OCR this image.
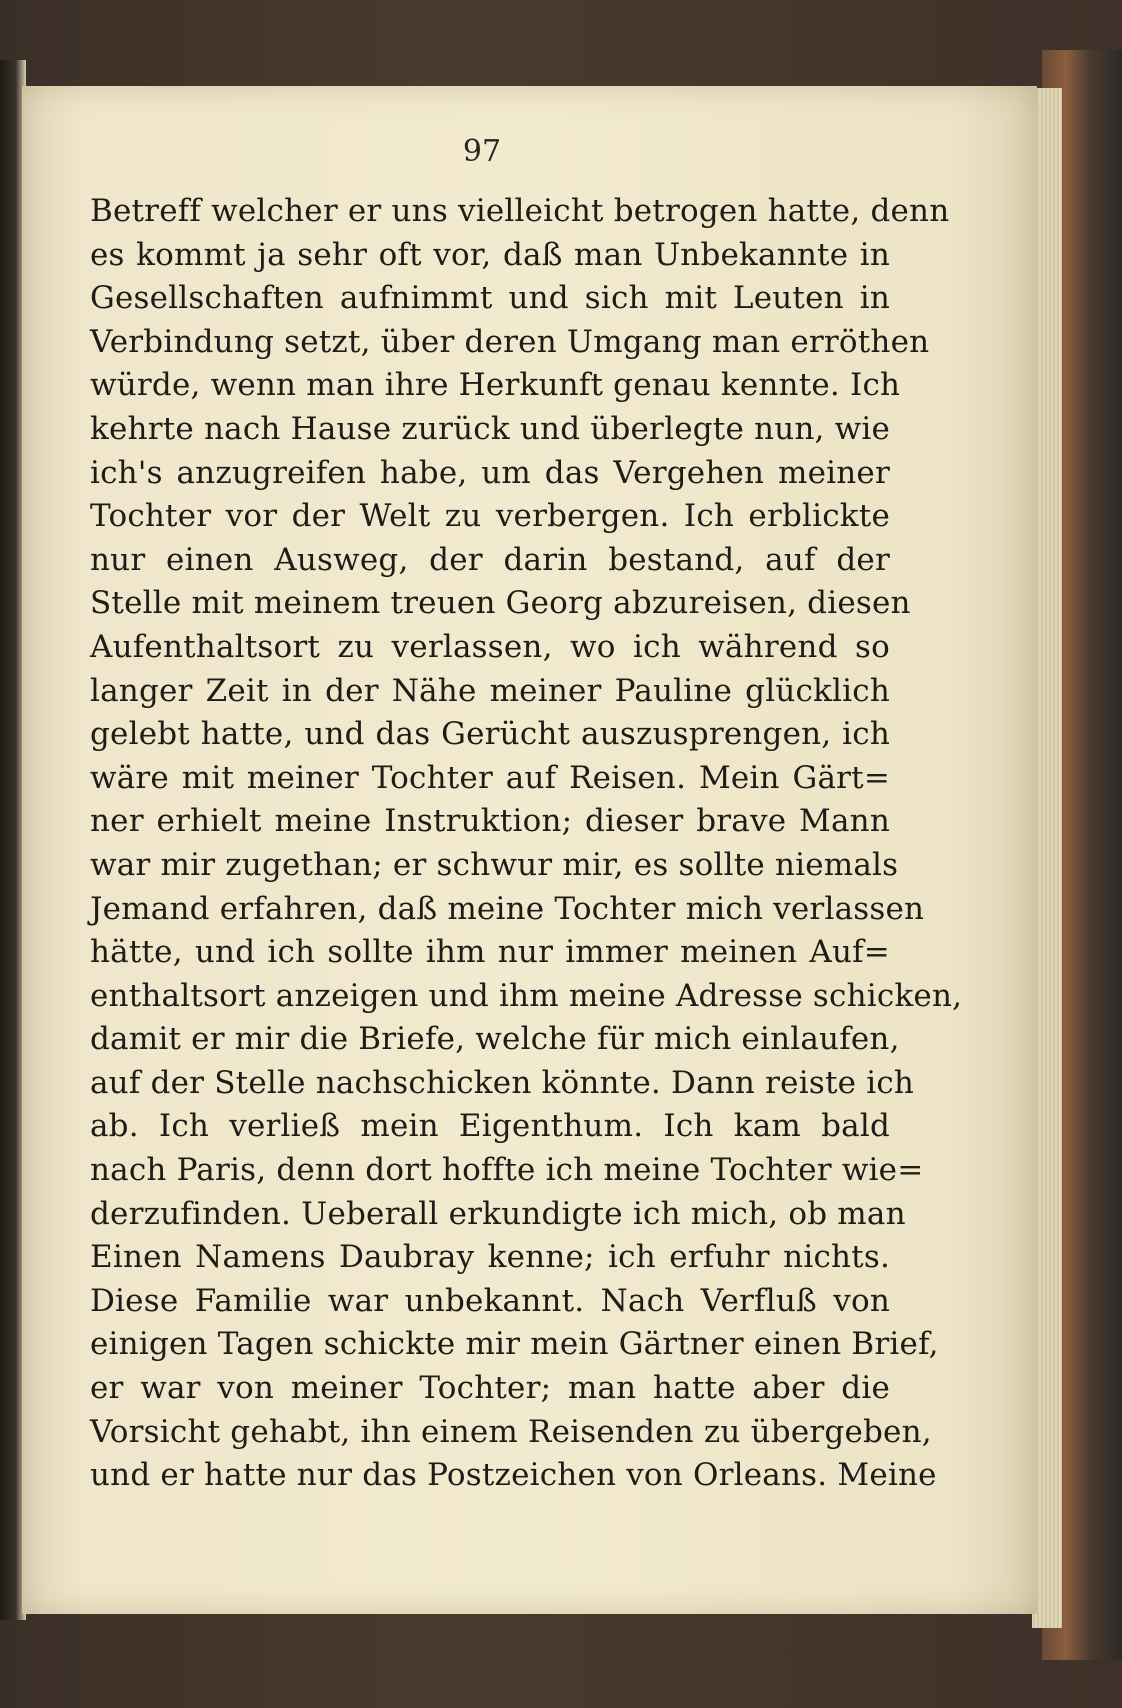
97
Betreff welcher er uns vielleicht betrogen hatte, denn
es kommt ja sehr oft vor, daß man Unbekannte in
Gesellschaften aufnimmt und sich mit Leuten in
Verbindung setzt, über deren Umgang man erröthen
würde, wenn man ihre Herkunft genau kennte. Ich
kehrte nach Hause zurück und überlegte nun, wie
ich's anzugreifen habe, um das Vergehen meiner
Tochter vor der Welt zu verbergen. Ich erblickte
nur einen Ausweg, der darin bestand, auf der
Stelle mit meinem treuen Georg abzureisen, diesen
Aufenthaltsort zu verlassen, wo ich während so
langer Zeit in der Nähe meiner Pauline glücklich
gelebt hatte, und das Gerücht auszusprengen, ich
wäre mit meiner Tochter auf Reisen. Mein Gärt=
ner erhielt meine Instruktion; dieser brave Mann
war mir zugethan; er schwur mir, es sollte niemals
Jemand erfahren, daß meine Tochter mich verlassen
hätte, und ich sollte ihm nur immer meinen Auf=
enthaltsort anzeigen und ihm meine Adresse schicken,
damit er mir die Briefe, welche für mich einlaufen,
auf der Stelle nachschicken könnte. Dann reiste ich
ab. Ich verließ mein Eigenthum. Ich kam bald
nach Paris, denn dort hoffte ich meine Tochter wie=
derzufinden. Ueberall erkundigte ich mich, ob man
Einen Namens Daubray kenne; ich erfuhr nichts.
Diese Familie war unbekannt. Nach Verfluß von
einigen Tagen schickte mir mein Gärtner einen Brief,
er war von meiner Tochter; man hatte aber die
Vorsicht gehabt, ihn einem Reisenden zu übergeben,
und er hatte nur das Postzeichen von Orleans. Meine
